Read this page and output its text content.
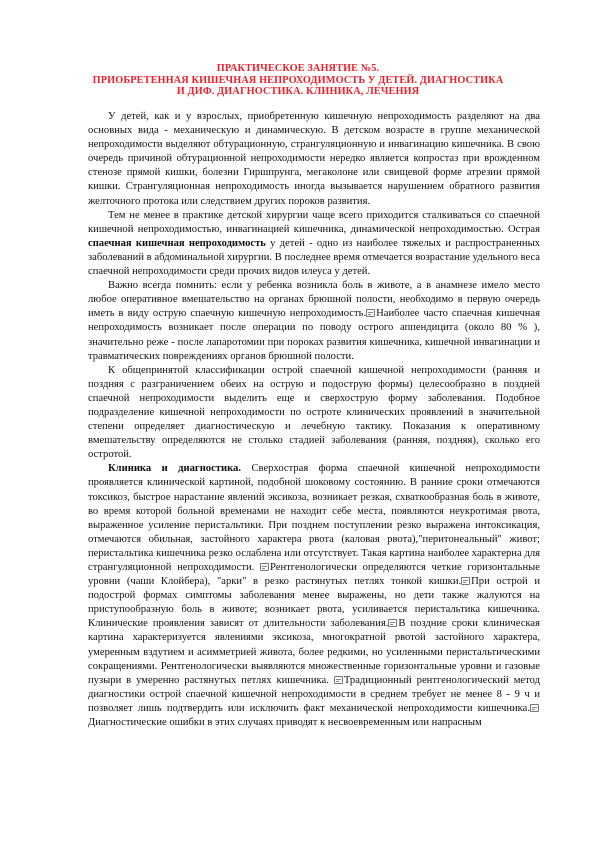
ПРАКТИЧЕСКОЕ ЗАНЯТИЕ №5.
ПРИОБРЕТЕННАЯ КИШЕЧНАЯ НЕПРОХОДИМОСТЬ У ДЕТЕЙ. ДИАГНОСТИКА
И ДИФ. ДИАГНОСТИКА. КЛИНИКА, ЛЕЧЕНИЯ

У детей, как и у взрослых, приобретенную кишечную непроходимость разделяют на два основных вида - механическую и динамическую. В детском возрасте в группе механической непроходимости выделяют обтурационную, странгуляционную и инвагинацию кишечника. В свою очередь причиной обтурационной непроходимости нередко является копростаз при врожденном стенозе прямой кишки, болезни Гиршпрунга, мегаколоне или свищевой форме атрезии прямой кишки. Странгуляционная непроходимость иногда вызывается нарушением обратного развития желточного протока или следствием других пороков развития.

Тем не менее в практике детской хирургии чаще всего приходится сталкиваться со спаечной кишечной непроходимостью, инвагинацией кишечника, динамической непроходимостью. Острая спаечная кишечная непроходимость у детей - одно из наиболее тяжелых и распространенных заболеваний в абдоминальной хирургии. В последнее время отмечается возрастание удельного веса спаечной непроходимости среди прочих видов илеуса у детей.

Важно всегда помнить: если у ребенка возникла боль в животе, а в анамнезе имело место любое оперативное вмешательство на органах брюшной полости, необходимо в первую очередь иметь в виду острую спаечную кишечную непроходимость. Наиболее часто спаечная кишечная непроходимость возникает после операции по поводу острого аппендицита (около 80 % ), значительно реже - после лапаротомии при пороках развития кишечника, кишечной инвагинации и травматических повреждениях органов брюшной полости.

К общепринятой классификации острой спаечной кишечной непроходимости (ранняя и поздняя с разграничением обеих на острую и подострую формы) целесообразно в поздней спаечной непроходимости выделить еще и сверхострую форму заболевания. Подобное подразделение кишечной непроходимости по остроте клинических проявлений в значительной степени определяет диагностическую и лечебную тактику. Показания к оперативному вмешательству определяются не столько стадией заболевания (ранняя, поздняя), сколько его остротой.

Клиника и диагностика. Сверхострая форма спаечной кишечной непроходимости проявляется клинической картиной, подобной шоковому состоянию. В ранние сроки отмечаются токсикоз, быстрое нарастание явлений эксикоза, возникает резкая, схваткообразная боль в животе, во время которой больной временами не находит себе места, появляются неукротимая рвота, выраженное усиление перистальтики. При позднем поступлении резко выражена интоксикация, отмечаются обильная, застойного характера рвота (каловая рвота),"перитонеальный" живот; перистальтика кишечника резко ослаблена или отсутствует. Такая картина наиболее характерна для странгуляционной непроходимости. Рентгенологически определяются четкие горизонтальные уровни (чаши Клойбера), "арки" в резко растянутых петлях тонкой кишки. При острой и подострой формах симптомы заболевания менее выражены, но дети также жалуются на приступообразную боль в животе; возникает рвота, усиливается перистальтика кишечника. Клинические проявления зависят от длительности заболевания. В поздние сроки клиническая картина характеризуется явлениями эксикоза, многократной рвотой застойного характера, умеренным вздутием и асимметрией живота, более редкими, но усиленными перистальтическими сокращениями. Рентгенологически выявляются множественные горизонтальные уровни и газовые пузыри в умеренно растянутых петлях кишечника. Традиционный рентгенологический метод диагностики острой спаечной кишечной непроходимости в среднем требует не менее 8 - 9 ч и позволяет лишь подтвердить или исключить факт механической непроходимости кишечника.Диагностические ошибки в этих случаях приводят к несвоевременным или напрасным
